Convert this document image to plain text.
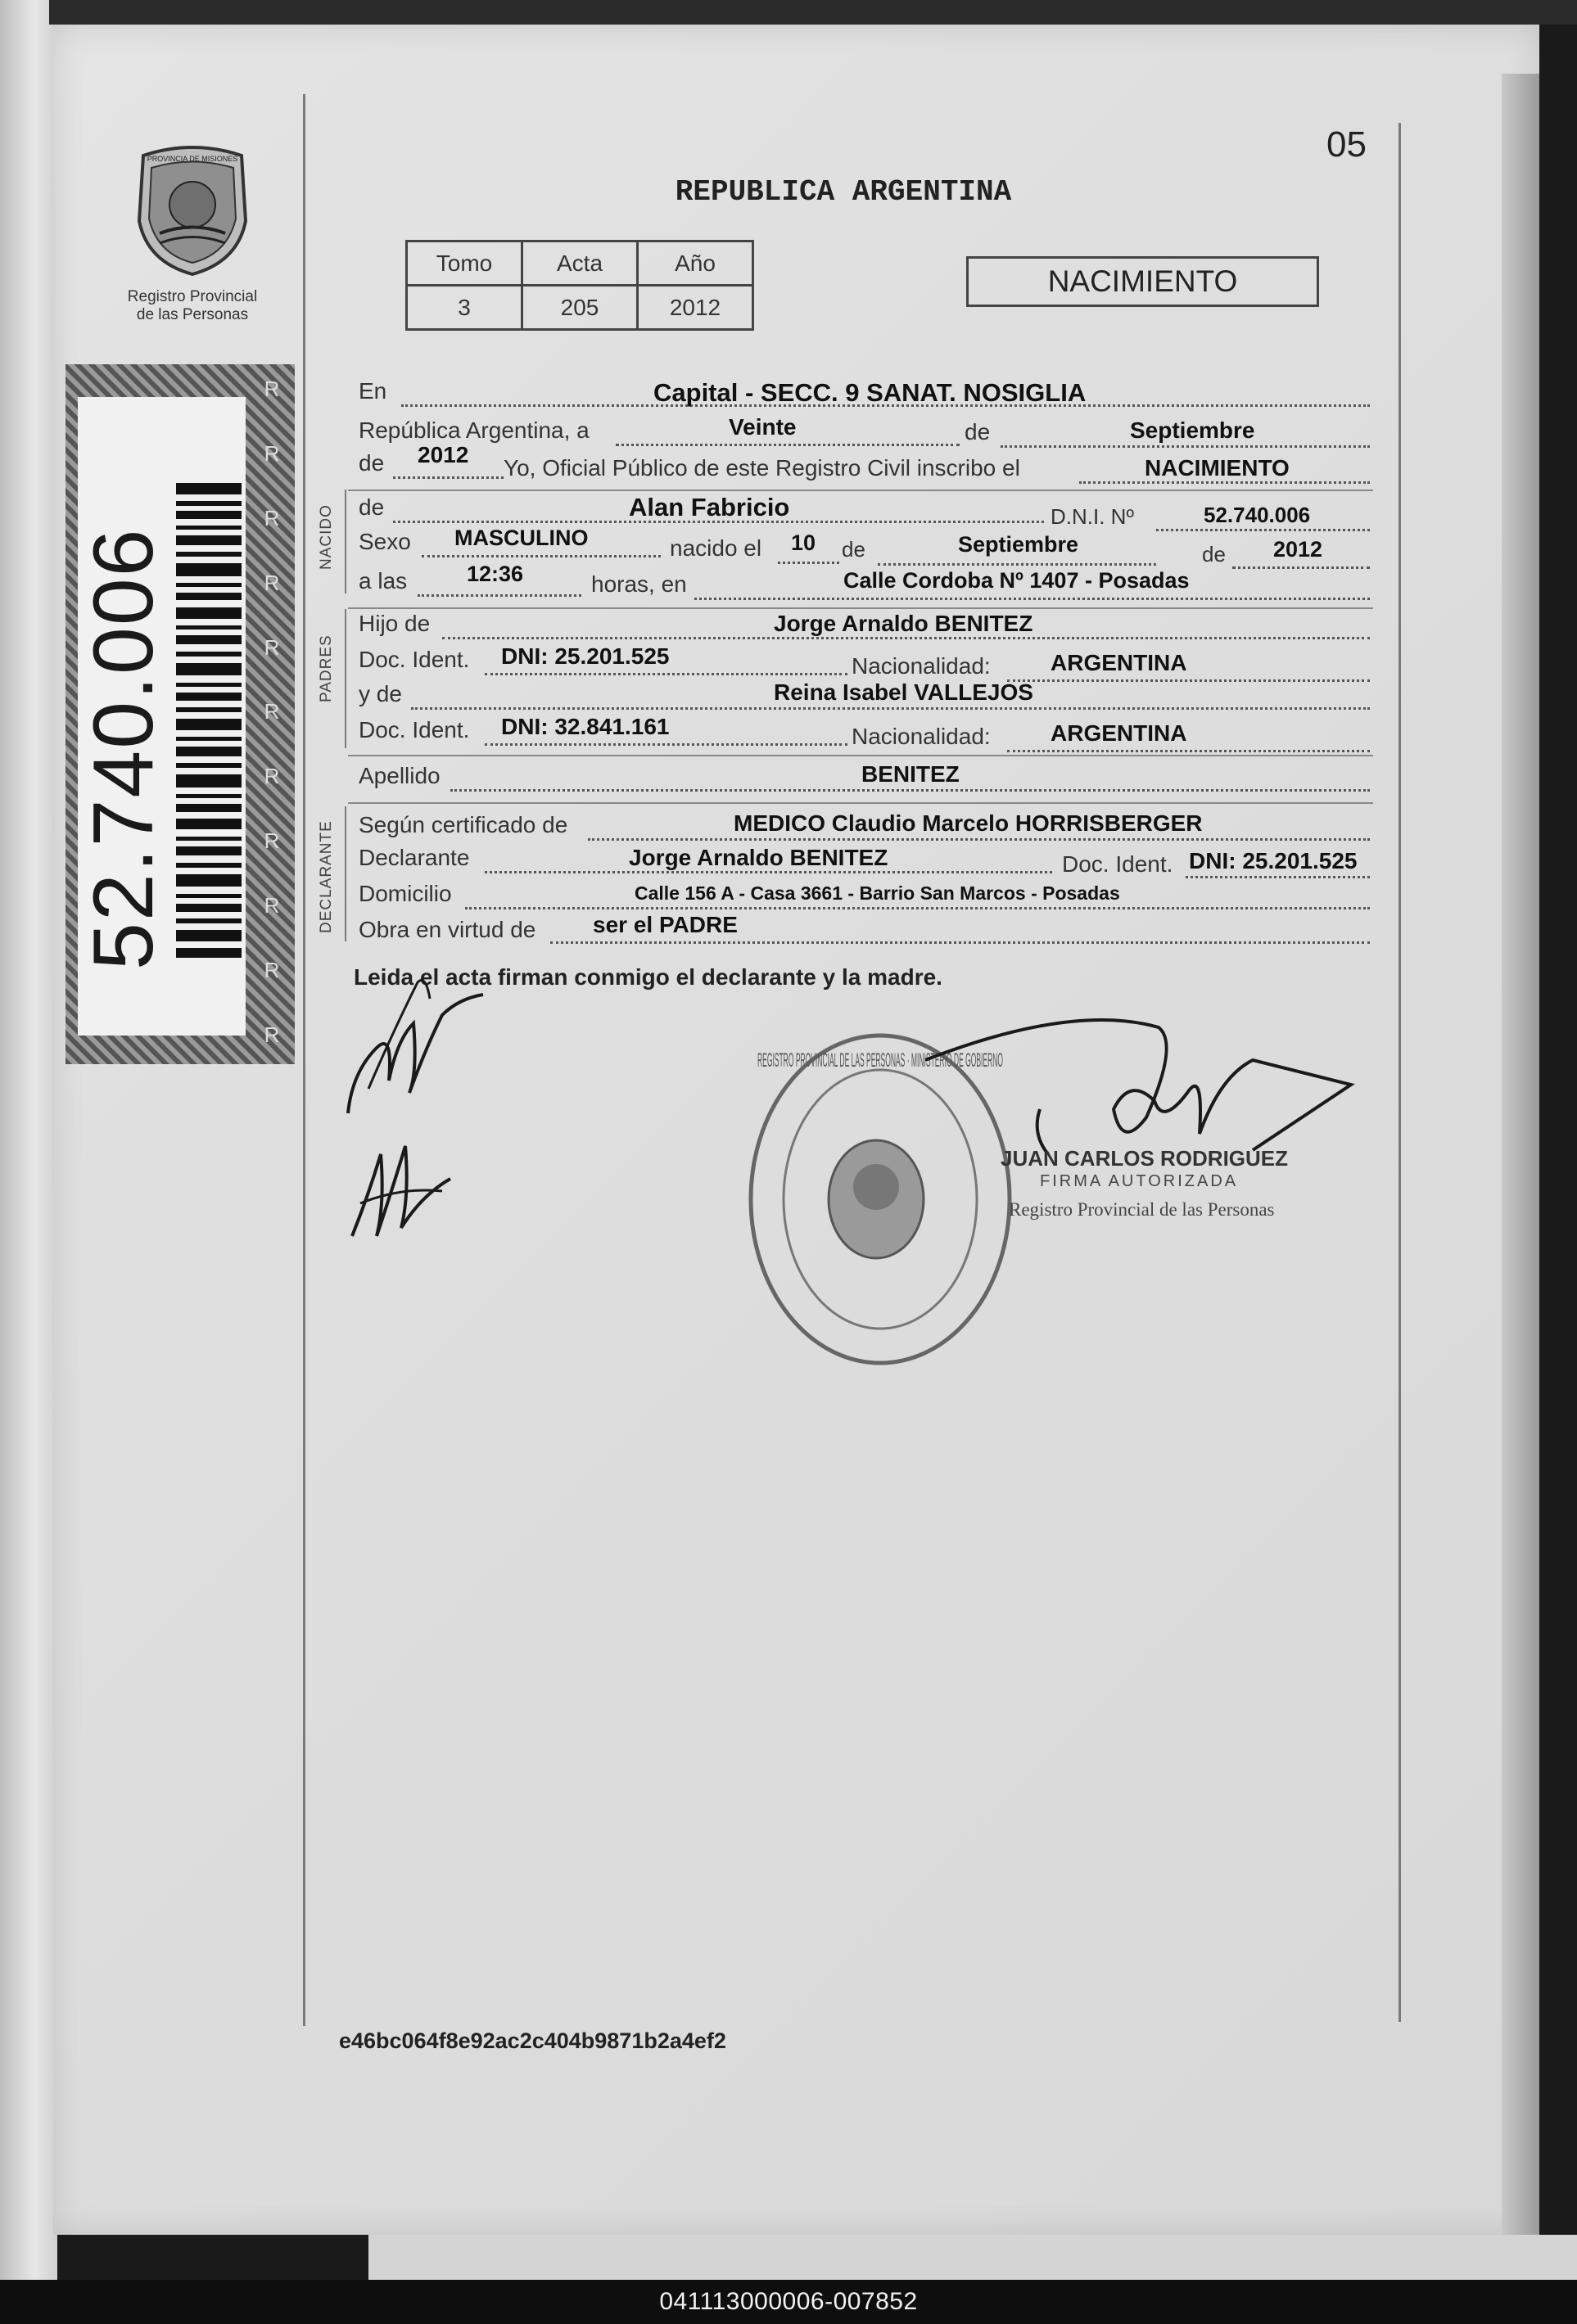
PROVINCIA DE MISIONES
Registro Provincial
de las Personas
52.740.006
R
R
R
R
R
R
R
R
R
R
R
05
REPUBLICA ARGENTINA
Tomo	Acta	Año
3	205	2012
NACIMIENTO
NACIDO
PADRES
DECLARANTE
En	Capital - SECC. 9 SANAT. NOSIGLIA
República Argentina, a	Veinte	de	Septiembre
de 2012
Yo, Oficial Público de este Registro Civil inscribo el	NACIMIENTO
de	Alan Fabricio	D.N.I. Nº	52.740.006
Sexo MASCULINO	nacido el 10 de	Septiembre	de 2012
a las	12:36	horas, en	Calle Cordoba Nº 1407 - Posadas
Hijo de	Jorge Arnaldo BENITEZ
Doc. Ident. DNI: 25.201.525	Nacionalidad:	ARGENTINA
y de	Reina Isabel VALLEJOS
Doc. Ident. DNI: 32.841.161	Nacionalidad:	ARGENTINA
Apellido	BENITEZ
Según certificado de	MEDICO Claudio Marcelo HORRISBERGER
Declarante	Jorge Arnaldo BENITEZ	Doc. Ident. DNI: 25.201.525
Domicilio	Calle 156 A - Casa 3661 - Barrio San Marcos - Posadas
Obra en virtud de ser el PADRE
Leida el acta firman conmigo el declarante y la madre.
REGISTRO PROVINCIAL DE LAS PERSONAS · MINISTERIO DE GOBIERNO
JUAN CARLOS RODRIGUEZ
FIRMA AUTORIZADA
Registro Provincial de las Personas
e46bc064f8e92ac2c404b9871b2a4ef2
041113000006-007852
